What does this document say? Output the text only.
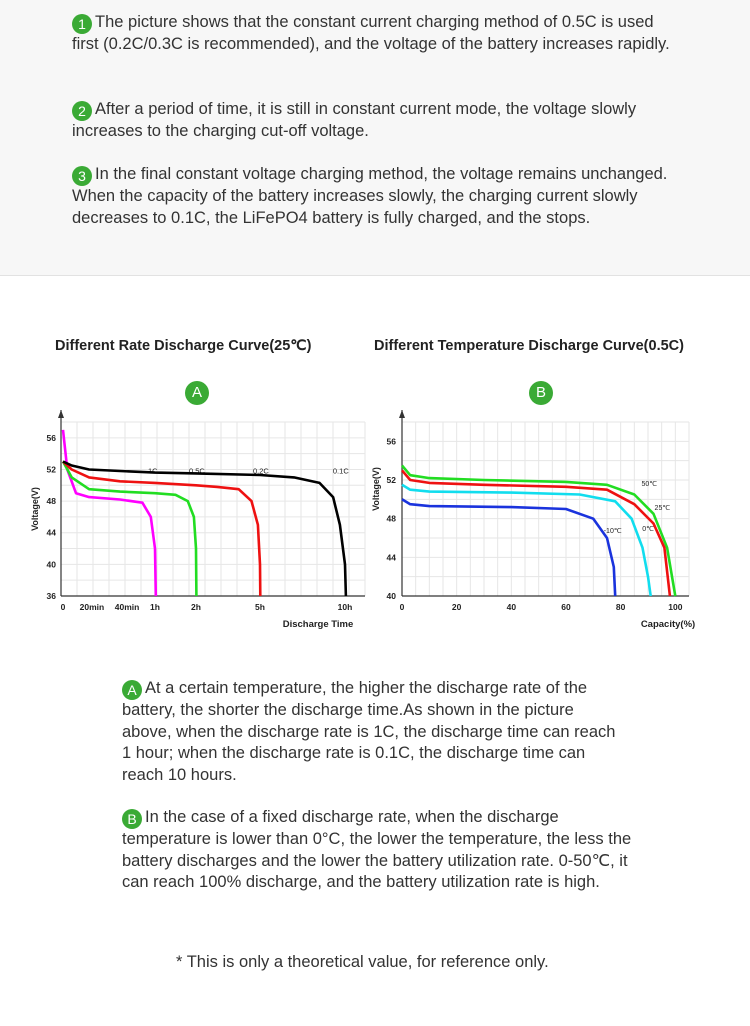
1 The picture shows that the constant current charging method of 0.5C is used first (0.2C/0.3C is recommended), and the voltage of the battery increases rapidly.

2 After a period of time, it is still in constant current mode, the voltage slowly increases to the charging cut-off voltage.

3 In the final constant voltage charging method, the voltage remains unchanged. When the capacity of the battery increases slowly, the charging current slowly decreases to 0.1C, the LiFePO4 battery is fully charged, and the stops.

Different Rate Discharge Curve(25℃)	Different Temperature Discharge Curve(0.5C)
A	B
36
40
44
48
52
56
0 20min 40min 1h	2h	5h	10h
Voltage(V)
Discharge Time
1C	0.5C	0.2C	0.1C
40
44
48
52
56
0	20	40	60	80	100
Voltage(V)
Capacity(%)
50℃
25℃
0℃
-10℃

A At a certain temperature, the higher the discharge rate of the battery, the shorter the discharge time.As shown in the picture above, when the discharge rate is 1C, the discharge time can reach 1 hour; when the discharge rate is 0.1C, the discharge time can reach 10 hours.

B In the case of a fixed discharge rate, when the discharge temperature is lower than 0°C, the lower the temperature, the less the battery discharges and the lower the battery utilization rate. 0-50℃, it can reach 100% discharge, and the battery utilization rate is high.

* This is only a theoretical value, for reference only.
